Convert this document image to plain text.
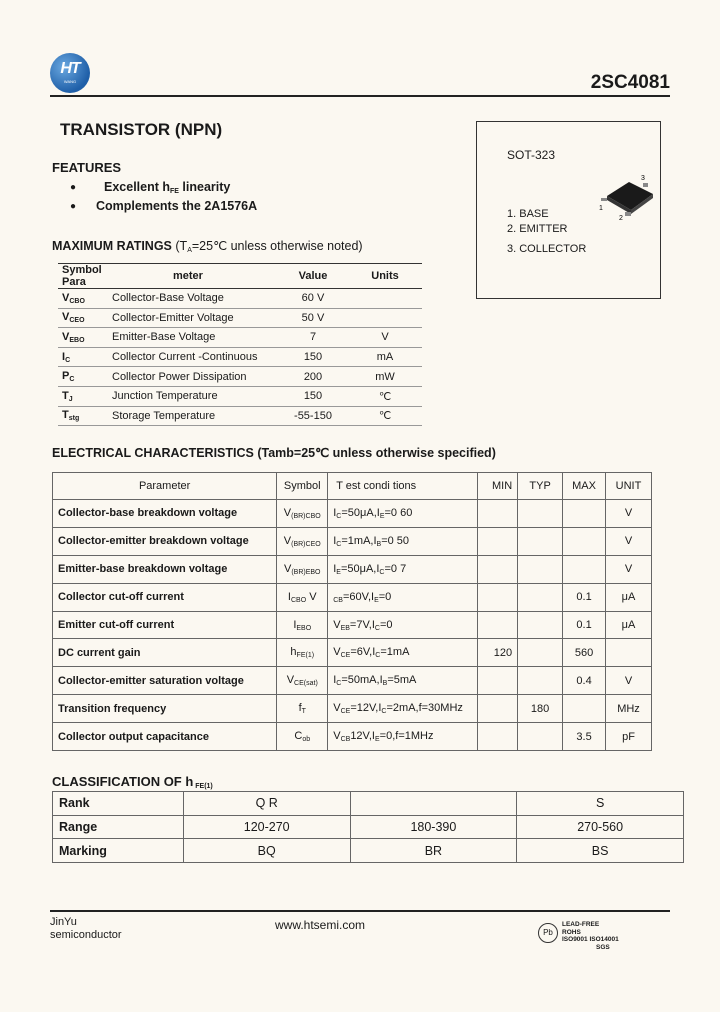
HT
WANG	2SC4081
TRANSISTOR (NPN)
FEATURES
● Excellent $h_{FE}$ linearity
● Complements the 2A1576A
SOT-323
1
2
3
1. BASE
2. EMITTER
3. COLLECTOR
MAXIMUM RATINGS ($T_A=25℃$ unless otherwise noted)
Symbol Para	meter	Value	Units
$V_{CBO}$	Collector-Base Voltage	60 V	
$V_{CEO}$	Collector-Emitter Voltage	50 V	
$V_{EBO}$	Emitter-Base Voltage	7	V
$I_C$	Collector Current -Continuous	150	mA
$P_C$	Collector Power Dissipation	200	mW
$T_J$	Junction Temperature	150	℃
$T_{stg}$	Storage Temperature	-55-150	℃
ELECTRICAL CHARACTERISTICS (Tamb=25℃ unless otherwise specified)
Parameter	Symbol	T est condi tions	MIN	TYP	MAX	UNIT
Collector-base breakdown voltage	$V_{(BR)CBO}$	$I_C=50\mu A,I_E=0$ 60				V
Collector-emitter breakdown voltage	$V_{(BR)CEO}$	$I_C=1mA,I_B=0$ 50				V
Emitter-base breakdown voltage	$V_{(BR)EBO}$	$I_E=50\mu A,I_C=0$ 7				V
Collector cut-off current	$I_{CBO}$ V	$_{CB}=60V,I_E=0$			0.1	μA
Emitter cut-off current	$I_{EBO}$	$V_{EB}=7V,I_C=0$			0.1	μA
DC current gain	$h_{FE(1)}$	$V_{CE}=6V,I_C=1mA$	120		560	
Collector-emitter saturation voltage	$V_{CE(sat)}$	$I_C=50mA,I_B=5mA$			0.4	V
Transition frequency	$f_T$	$V_{CE}=12V,I_C=2mA,f=30MHz$		180		MHz
Collector output capacitance	$C_{ob}$	$V_{CB}12V,I_E=0,f=1MHz$			3.5	pF
CLASSIFICATION OF h $_{FE(1)}$
Rank	Q R		S
Range	120-270	180-390	270-560
Marking	BQ	BR	BS
JinYu
semiconductor
www.htsemi.com
Pb
LEAD-FREE
ROHS
ISO9001 ISO14001
SGS
